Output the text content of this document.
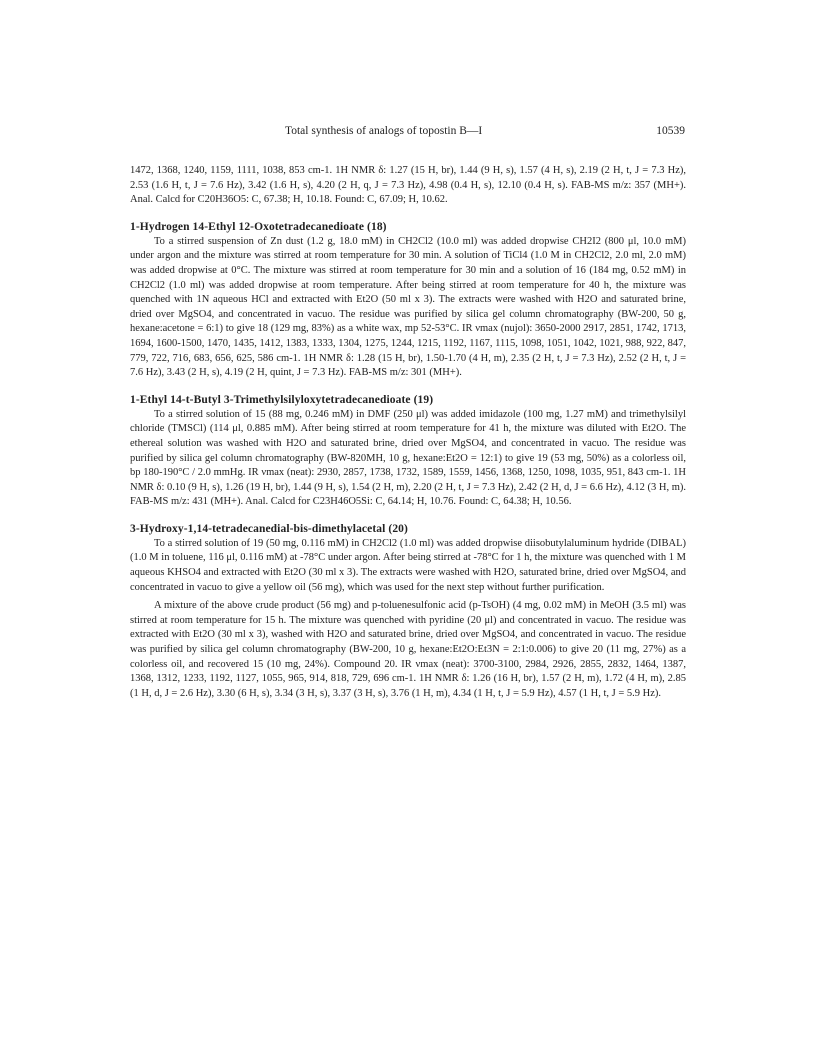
Total synthesis of analogs of topostin B—I	10539

1472, 1368, 1240, 1159, 1111, 1038, 853 cm-1. 1H NMR δ: 1.27 (15 H, br), 1.44 (9 H, s), 1.57 (4 H, s), 2.19 (2 H, t, J = 7.3 Hz), 2.53 (1.6 H, t, J = 7.6 Hz), 3.42 (1.6 H, s), 4.20 (2 H, q, J = 7.3 Hz), 4.98 (0.4 H, s), 12.10 (0.4 H, s). FAB-MS m/z: 357 (MH+). Anal. Calcd for C20H36O5: C, 67.38; H, 10.18. Found: C, 67.09; H, 10.62.

1-Hydrogen 14-Ethyl 12-Oxotetradecanedioate (18)

To a stirred suspension of Zn dust (1.2 g, 18.0 mM) in CH2Cl2 (10.0 ml) was added dropwise CH2I2 (800 μl, 10.0 mM) under argon and the mixture was stirred at room temperature for 30 min. A solution of TiCl4 (1.0 M in CH2Cl2, 2.0 ml, 2.0 mM) was added dropwise at 0°C. The mixture was stirred at room temperature for 30 min and a solution of 16 (184 mg, 0.52 mM) in CH2Cl2 (1.0 ml) was added dropwise at room temperature. After being stirred at room temperature for 40 h, the mixture was quenched with 1N aqueous HCl and extracted with Et2O (50 ml x 3). The extracts were washed with H2O and saturated brine, dried over MgSO4, and concentrated in vacuo. The residue was purified by silica gel column chromatography (BW-200, 50 g, hexane:acetone = 6:1) to give 18 (129 mg, 83%) as a white wax, mp 52-53°C. IR νmax (nujol): 3650-2000 2917, 2851, 1742, 1713, 1694, 1600-1500, 1470, 1435, 1412, 1383, 1333, 1304, 1275, 1244, 1215, 1192, 1167, 1115, 1098, 1051, 1042, 1021, 988, 922, 847, 779, 722, 716, 683, 656, 625, 586 cm-1. 1H NMR δ: 1.28 (15 H, br), 1.50-1.70 (4 H, m), 2.35 (2 H, t, J = 7.3 Hz), 2.52 (2 H, t, J = 7.6 Hz), 3.43 (2 H, s), 4.19 (2 H, quint, J = 7.3 Hz). FAB-MS m/z: 301 (MH+).

1-Ethyl 14-t-Butyl 3-Trimethylsilyloxytetradecanedioate (19)

To a stirred solution of 15 (88 mg, 0.246 mM) in DMF (250 μl) was added imidazole (100 mg, 1.27 mM) and trimethylsilyl chloride (TMSCl) (114 μl, 0.885 mM). After being stirred at room temperature for 41 h, the mixture was diluted with Et2O. The ethereal solution was washed with H2O and saturated brine, dried over MgSO4, and concentrated in vacuo. The residue was purified by silica gel column chromatography (BW-820MH, 10 g, hexane:Et2O = 12:1) to give 19 (53 mg, 50%) as a colorless oil, bp 180-190°C / 2.0 mmHg. IR νmax (neat): 2930, 2857, 1738, 1732, 1589, 1559, 1456, 1368, 1250, 1098, 1035, 951, 843 cm-1. 1H NMR δ: 0.10 (9 H, s), 1.26 (19 H, br), 1.44 (9 H, s), 1.54 (2 H, m), 2.20 (2 H, t, J = 7.3 Hz), 2.42 (2 H, d, J = 6.6 Hz), 4.12 (3 H, m). FAB-MS m/z: 431 (MH+). Anal. Calcd for C23H46O5Si: C, 64.14; H, 10.76. Found: C, 64.38; H, 10.56.

3-Hydroxy-1,14-tetradecanedial-bis-dimethylacetal (20)

To a stirred solution of 19 (50 mg, 0.116 mM) in CH2Cl2 (1.0 ml) was added dropwise diisobutylaluminum hydride (DIBAL) (1.0 M in toluene, 116 μl, 0.116 mM) at -78°C under argon. After being stirred at -78°C for 1 h, the mixture was quenched with 1 M aqueous KHSO4 and extracted with Et2O (30 ml x 3). The extracts were washed with H2O, saturated brine, dried over MgSO4, and concentrated in vacuo to give a yellow oil (56 mg), which was used for the next step without further purification.

A mixture of the above crude product (56 mg) and p-toluenesulfonic acid (p-TsOH) (4 mg, 0.02 mM) in MeOH (3.5 ml) was stirred at room temperature for 15 h. The mixture was quenched with pyridine (20 μl) and concentrated in vacuo. The residue was extracted with Et2O (30 ml x 3), washed with H2O and saturated brine, dried over MgSO4, and concentrated in vacuo. The residue was purified by silica gel column chromatography (BW-200, 10 g, hexane:Et2O:Et3N = 2:1:0.006) to give 20 (11 mg, 27%) as a colorless oil, and recovered 15 (10 mg, 24%). Compound 20. IR νmax (neat): 3700-3100, 2984, 2926, 2855, 2832, 1464, 1387, 1368, 1312, 1233, 1192, 1127, 1055, 965, 914, 818, 729, 696 cm-1. 1H NMR δ: 1.26 (16 H, br), 1.57 (2 H, m), 1.72 (4 H, m), 2.85 (1 H, d, J = 2.6 Hz), 3.30 (6 H, s), 3.34 (3 H, s), 3.37 (3 H, s), 3.76 (1 H, m), 4.34 (1 H, t, J = 5.9 Hz), 4.57 (1 H, t, J = 5.9 Hz).
